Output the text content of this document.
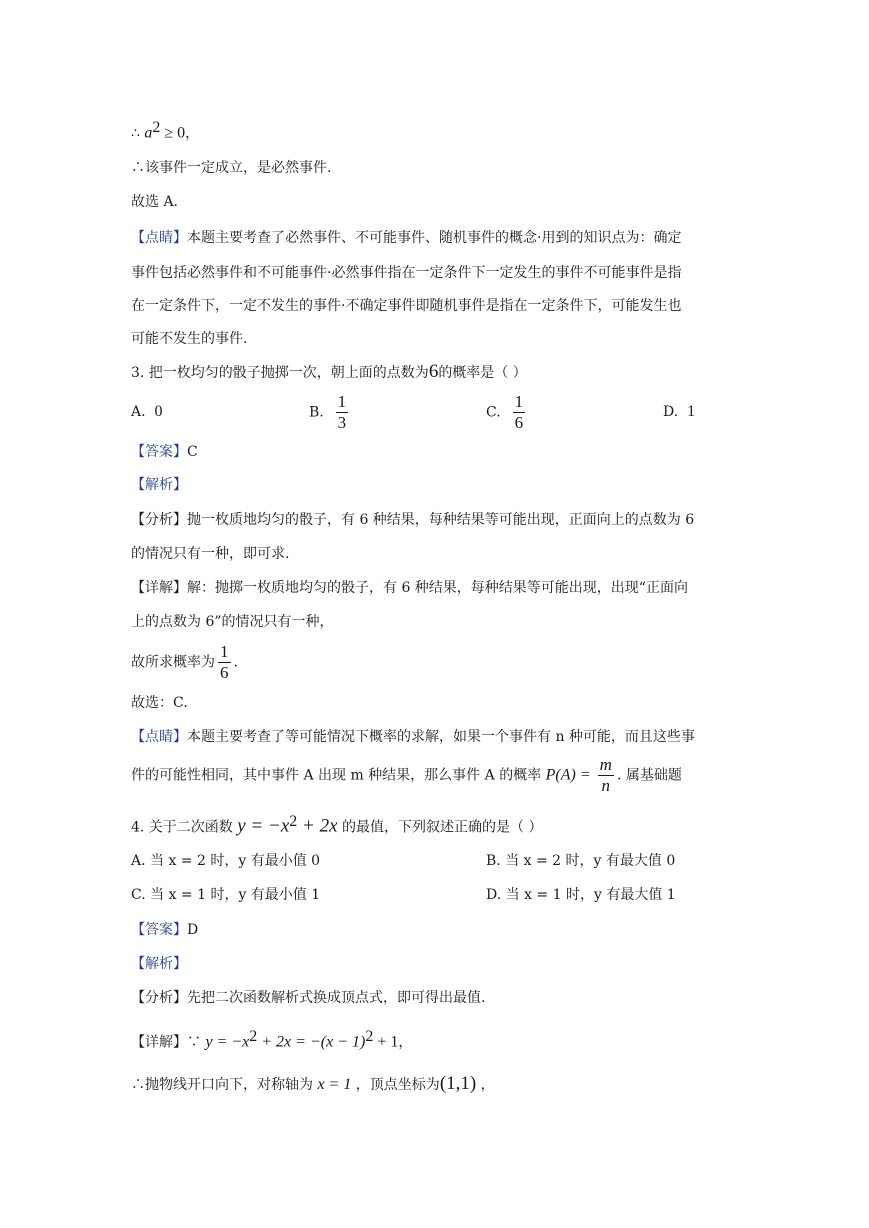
∴ $a^2 \ge 0$，
∴该事件一定成立，是必然事件.
故选 A.
【点睛】本题主要考查了必然事件、不可能事件、随机事件的概念·用到的知识点为：确定
事件包括必然事件和不可能事件·必然事件指在一定条件下一定发生的事件不可能事件是指
在一定条件下，一定不发生的事件·不确定事件即随机事件是指在一定条件下，可能发生也
可能不发生的事件.
3. 把一枚均匀的骰子抛掷一次，朝上面的点数为6的概率是（ ）
A. 0	B. $\frac{1}{3}$	C. $\frac{1}{6}$	D. 1
【答案】C
【解析】
【分析】抛一枚质地均匀的骰子，有 6 种结果，每种结果等可能出现，正面向上的点数为 6
的情况只有一种，即可求.
【详解】解：抛掷一枚质地均匀的骰子，有 6 种结果，每种结果等可能出现，出现“正面向
上的点数为 6”的情况只有一种，
故所求概率为 $\frac{1}{6}$ .
故选：C.
【点睛】本题主要考查了等可能情况下概率的求解，如果一个事件有 n 种可能，而且这些事
件的可能性相同，其中事件 A 出现 m 种结果，那么事件 A 的概率 $P(A) = \frac{m}{n}$ . 属基础题
4. 关于二次函数 $y = -x^2 + 2x$ 的最值，下列叙述正确的是（ ）
A. 当 x = 2 时，y 有最小值 0	B. 当 x = 2 时，y 有最大值 0
C. 当 x = 1 时，y 有最小值 1	D. 当 x = 1 时，y 有最大值 1
【答案】D
【解析】
【分析】先把二次函数解析式换成顶点式，即可得出最值.
【详解】∵ $y = -x^2 + 2x = -(x - 1)^2 + 1$，
∴抛物线开口向下，对称轴为 x = 1 ，顶点坐标为(1,1) ，
